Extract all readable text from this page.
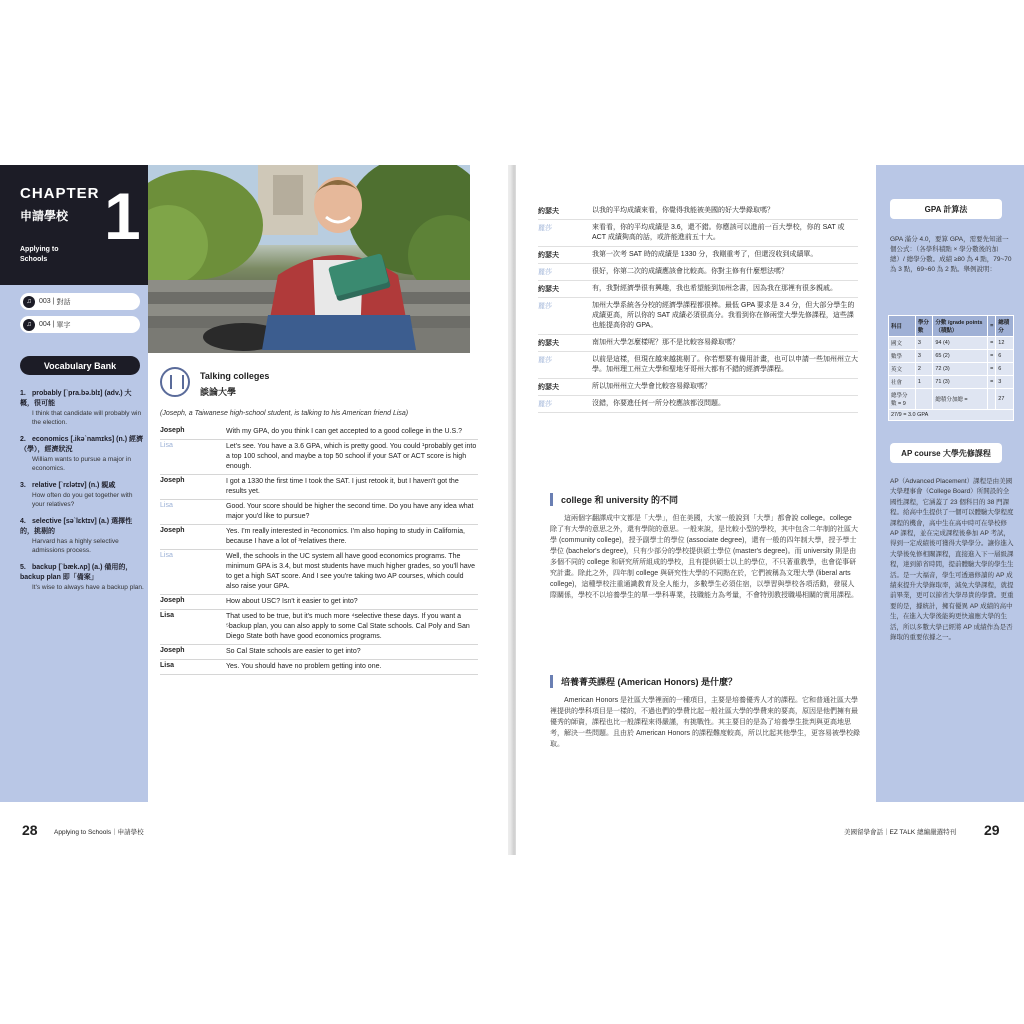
CHAPTER
申請學校
Applying to Schools
1
♫	003 | 對話
♫	004 | 單字
Vocabulary Bank
1. probably [ˋpra.bə.blɪ] (adv.) 大概，很可能
I think that candidate will probably win the election.
2. economics [.ikəˋnamɪks] (n.) 經濟（學），經濟狀況
William wants to pursue a major in economics.
3. relative [ˋrɛlətɪv] (n.) 親戚
How often do you get together with your relatives?
4. selective [səˋlɛktɪv] (a.) 選擇性的，挑剔的
Harvard has a highly selective admissions process.
5. backup [ˋbæk.ʌp] (a.) 備用的，backup plan 即「備案」
It's wise to always have a backup plan.
Talking colleges
談論大學
(Joseph, a Taiwanese high-school student, is talking to his American friend Lisa)
Joseph	With my GPA, do you think I can get accepted to a good college in the U.S.?
Lisa	Let's see. You have a 3.6 GPA, which is pretty good. You could ¹probably get into a top 100 school, and maybe a top 50 school if your SAT or ACT score is high enough.
Joseph	I got a 1330 the first time I took the SAT. I just retook it, but I haven't got the results yet.
Lisa	Good. Your score should be higher the second time. Do you have any idea what major you'd like to pursue?
Joseph	Yes. I'm really interested in ²economics. I'm also hoping to study in California, because I have a lot of ³relatives there.
Lisa	Well, the schools in the UC system all have good economics programs. The minimum GPA is 3.4, but most students have much higher grades, so you'll have to get a high SAT score. And I see you're taking two AP courses, which could also raise your GPA.
Joseph	How about USC? Isn't it easier to get into?
Lisa	That used to be true, but it's much more ⁴selective these days. If you want a ⁵backup plan, you can also apply to some Cal State schools. Cal Poly and San Diego State both have good economics programs.
Joseph	So Cal State schools are easier to get into?
Lisa	Yes. You should have no problem getting into one.
28	Applying to Schools｜申請學校
約瑟夫	以我的平均成績來看，你覺得我能被美國的好大學錄取嗎？
麗莎	來看看，你的平均成績是 3.6，還不錯。你應該可以進前一百大學校，你的 SAT 或 ACT 成績夠高的話，或許能進前五十大。
約瑟夫	我第一次考 SAT 時的成績是 1330 分，我剛重考了，但還沒收到成績單。
麗莎	很好，你第二次的成績應該會比較高。你對主修有什麼想法嗎？
約瑟夫	有，我對經濟學很有興趣，我也希望能到加州念書，因為我在那裡有很多親戚。
麗莎	加州大學系統各分校的經濟學課程都很棒。最低 GPA 要求是 3.4 分，但大部分學生的成績更高，所以你的 SAT 成績必須很高分。我看到你在修兩堂大學先修課程，這些課也能提高你的 GPA。
約瑟夫	南加州大學怎麼樣呢？那不是比較容易錄取嗎？
麗莎	以前是這樣，但現在越來越挑剔了。你若想要有備用計畫，也可以申請一些加州州立大學。加州理工州立大學和聖地牙哥州大都有不錯的經濟學課程。
約瑟夫	所以加州州立大學會比較容易錄取嗎？
麗莎	沒錯，你要進任何一所分校應該都沒問題。
college 和 university 的不同
這兩個字翻譯成中文都是「大學」，但在美國，大家一般說到「大學」都會說 college。college 除了有大學的意思之外，還有學院的意思。一般來說，是比較小型的學校，其中包含二年制的社區大學 (community college)，授予副學士的學位 (associate degree)，還有一般的四年制大學，授予學士學位 (bachelor's degree)，只有少部分的學校提供碩士學位 (master's degree)。而 university 則是由多個不同的 college 和研究所所組成的學校，且有提供碩士以上的學位，不只著重教學，也會從事研究計畫。除此之外，四年制 college 與研究性大學的不同點在於，它們被稱為文理大學 (liberal arts college)，這種學校注重通識教育及全人能力，多數學生必須住宿，以學習與學校各項活動，發展人際關係，學校不以培養學生的單一學科專業，技職能力為考量，不會特別教授職場相關的實用課程。
培養菁英課程 (American Honors) 是什麼？
American Honors 是社區大學裡面的一種項目，主要是培養優秀人才的課程。它和普通社區大學裡提供的學科項目是一樣的，不過也們的學費比起一般社區大學的學費來的要高，原因是他們擁有最優秀的師資，課程也比一般課程來得嚴謹，有挑戰性。其主要目的是為了培養學生批判與更高地思考，解決一些問題。且由於 American Honors 的課程難度較高，所以比起其他學生，更容易被學校錄取。
GPA 計算法
GPA 滿分 4.0，要算 GPA，需要先知道一個公式：（各學科積點 × 學分數後的加總）/ 總學分數。成績 ≥80 為 4 點，79~70 為 3 點，69~60 為 2 點。舉例說明：
科目	學分數	分數 /grade points（積點）	=	總積分
國文	3	94 (4)	=	12
數學	3	65 (2)	=	6
英文	2	72 (3)	=	6
社會	1	71 (3)	=	3
總學分數 = 9		總積分加總 =		27
27/9 = 3.0 GPA				
AP course 大學先修課程
AP（Advanced Placement）課程是由美國大學理事會（College Board）所開設的全國性課程，它涵蓋了 23 個科目的 38 門課程。給高中生提供了一個可以體驗大學程度課程的機會，高中生在高中時可在學校修 AP 課程，並在完成課程後參加 AP 考試，得到一定成績後可獲得大學學分。讓你進入大學後免修相關課程，直接進入下一層級課程，達到節省時間，提前體驗大學的學生生活。是一大福音，學生可透過修讀的 AP 成績來提升大學錄取率，減免大學課程，就提前畢業，更可以節省大學昂貴的學費。更重要的是，據統計，擁有優異 AP 成績的高中生，在進入大學後能夠更快適應大學的生活，所以多數大學已經將 AP 成績作為是否錄取的重要依據之一。
美國留學會話｜EZ TALK 總編嚴選特刊 29
